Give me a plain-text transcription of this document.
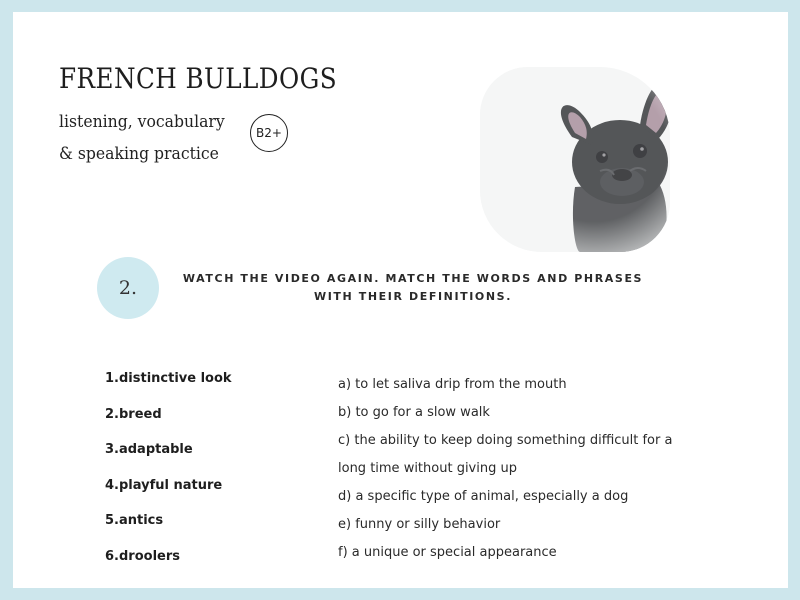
FRENCH BULLDOGS
listening, vocabulary
& speaking practice
B2+
2.	WATCH THE VIDEO AGAIN. MATCH THE WORDS AND PHRASES
WITH THEIR DEFINITIONS.
1.distinctive look
2.breed
3.adaptable
4.playful nature
5.antics
6.droolers
a) to let saliva drip from the mouth
b) to go for a slow walk
c) the ability to keep doing something difficult for a long time without giving up
d) a specific type of animal, especially a dog
e) funny or silly behavior
f) a unique or special appearance
